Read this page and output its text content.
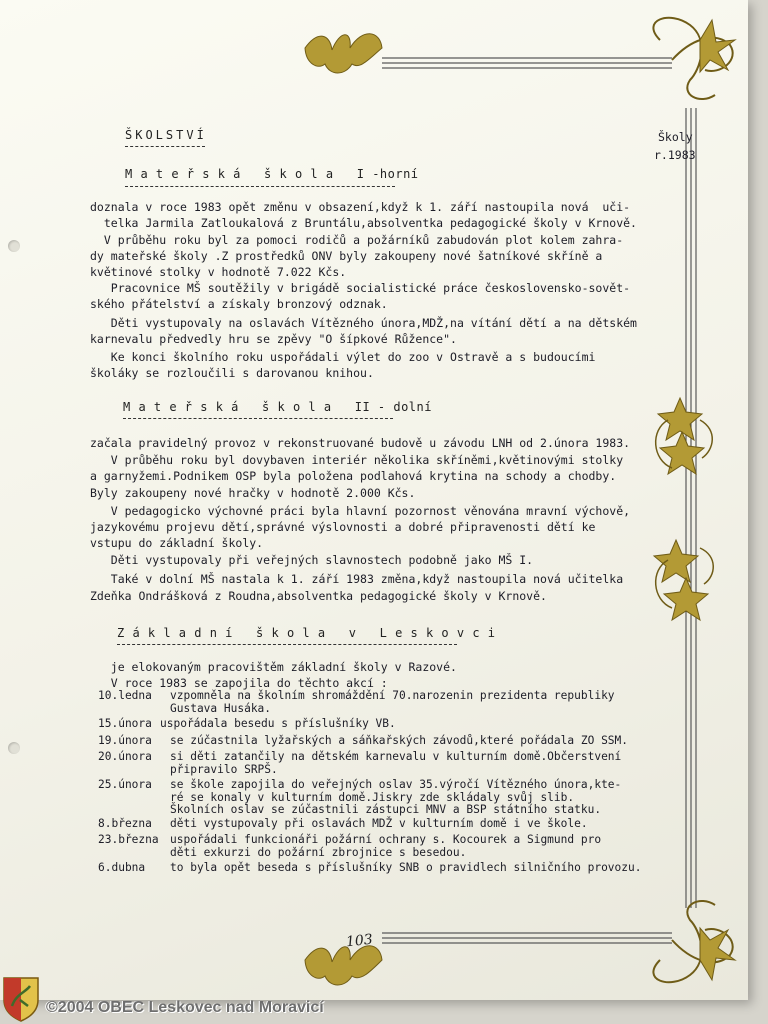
ŠKOLSTVÍ	Školy
r.1983
M a t e ř s k á   š k o l a   I -horní
doznala v roce 1983 opět změnu v obsazení,když k 1. září nastoupila nová  uči-
telka Jarmila Zatloukalová z Bruntálu,absolventka pedagogické školy v Krnově.
V průběhu roku byl za pomoci rodičů a požárníků zabudován plot kolem zahra-
dy mateřské školy .Z prostředků ONV byly zakoupeny nové šatníkové skříně a
květinové stolky v hodnotě 7.022 Kčs.
Pracovnice MŠ soutěžily v brigádě socialistické práce československo-sovět-
ského přátelství a získaly bronzový odznak.
Děti vystupovaly na oslavách Vítězného února,MDŽ,na vítání dětí a na dětském
karnevalu předvedly hru se zpěvy "O šípkové Růžence".
Ke konci školního roku uspořádali výlet do zoo v Ostravě a s budoucími
školáky se rozloučili s darovanou knihou.
M a t e ř s k á   š k o l a   II - dolní
začala pravidelný provoz v rekonstruované budově u závodu LNH od 2.února 1983.
V průběhu roku byl dovybaven interiér několika skříněmi,květinovými stolky
a garnyžemi.Podnikem OSP byla položena podlahová krytina na schody a chodby.
Byly zakoupeny nové hračky v hodnotě 2.000 Kčs.
V pedagogicko výchovné práci byla hlavní pozornost věnována mravní výchově,
jazykovému projevu dětí,správné výslovnosti a dobré připravenosti dětí ke
vstupu do základní školy.
Děti vystupovaly při veřejných slavnostech podobně jako MŠ I.
Také v dolní MŠ nastala k 1. září 1983 změna,když nastoupila nová učitelka
Zdeňka Ondrášková z Roudna,absolventka pedagogické školy v Krnově.
Z á k l a d n í   š k o l a   v   L e s k o v c i
je elokovaným pracovištěm základní školy v Razové.
V roce 1983 se zapojila do těchto akcí :
10.ledna vzpomněla na školním shromáždění 70.narozenin prezidenta republiky
Gustava Husáka.
15.února uspořádala besedu s příslušníky VB.
19.února se zúčastnila lyžařských a sáňkařských závodů,které pořádala ZO SSM.
20.února si děti zatančily na dětském karnevalu v kulturním domě.Občerstvení
připravilo SRPŠ.
25.února se škole zapojila do veřejných oslav 35.výročí Vítězného února,kte-
ré se konaly v kulturním domě.Jiskry zde skládaly svůj slib.
Školních oslav se zúčastnili zástupci MNV a BSP státního statku.
8.března děti vystupovaly při oslavách MDŽ v kulturním domě i ve škole.
23.března uspořádali funkcionáři požární ochrany s. Kocourek a Sigmund pro
děti exkurzi do požární zbrojnice s besedou.
6.dubna to byla opět beseda s příslušníky SNB o pravidlech silničního provozu.
103
©2004 OBEC Leskovec nad Moravicí
